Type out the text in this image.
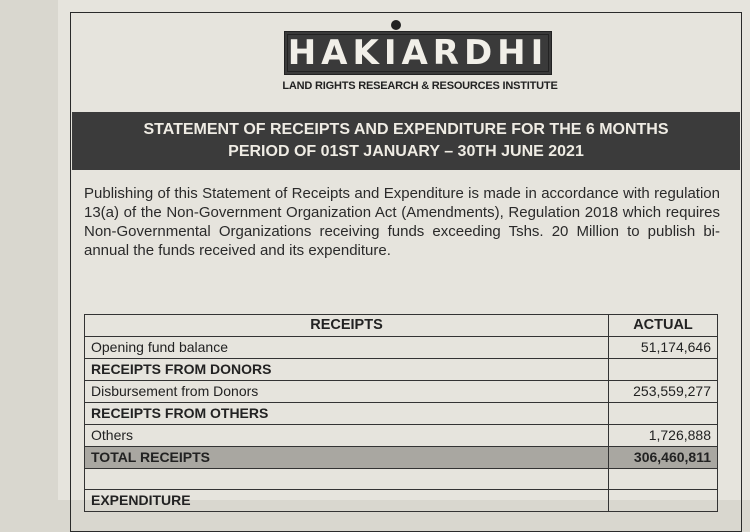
HAKIARDHI
LAND RIGHTS RESEARCH & RESOURCES INSTITUTE
STATEMENT OF RECEIPTS AND EXPENDITURE FOR THE 6 MONTHS
PERIOD OF 01ST JANUARY – 30TH JUNE 2021
Publishing of this Statement of Receipts and Expenditure is made in accordance with regulation 13(a) of the Non-Government Organization Act (Amendments), Regulation 2018 which requires Non-Governmental Organizations receiving funds exceeding Tshs. 20 Million to publish bi-annual the funds received and its expenditure.
RECEIPTS	ACTUAL
Opening fund balance	51,174,646
RECEIPTS FROM DONORS	
Disbursement from Donors	253,559,277
RECEIPTS FROM OTHERS	
Others	1,726,888
TOTAL RECEIPTS	306,460,811

EXPENDITURE	
